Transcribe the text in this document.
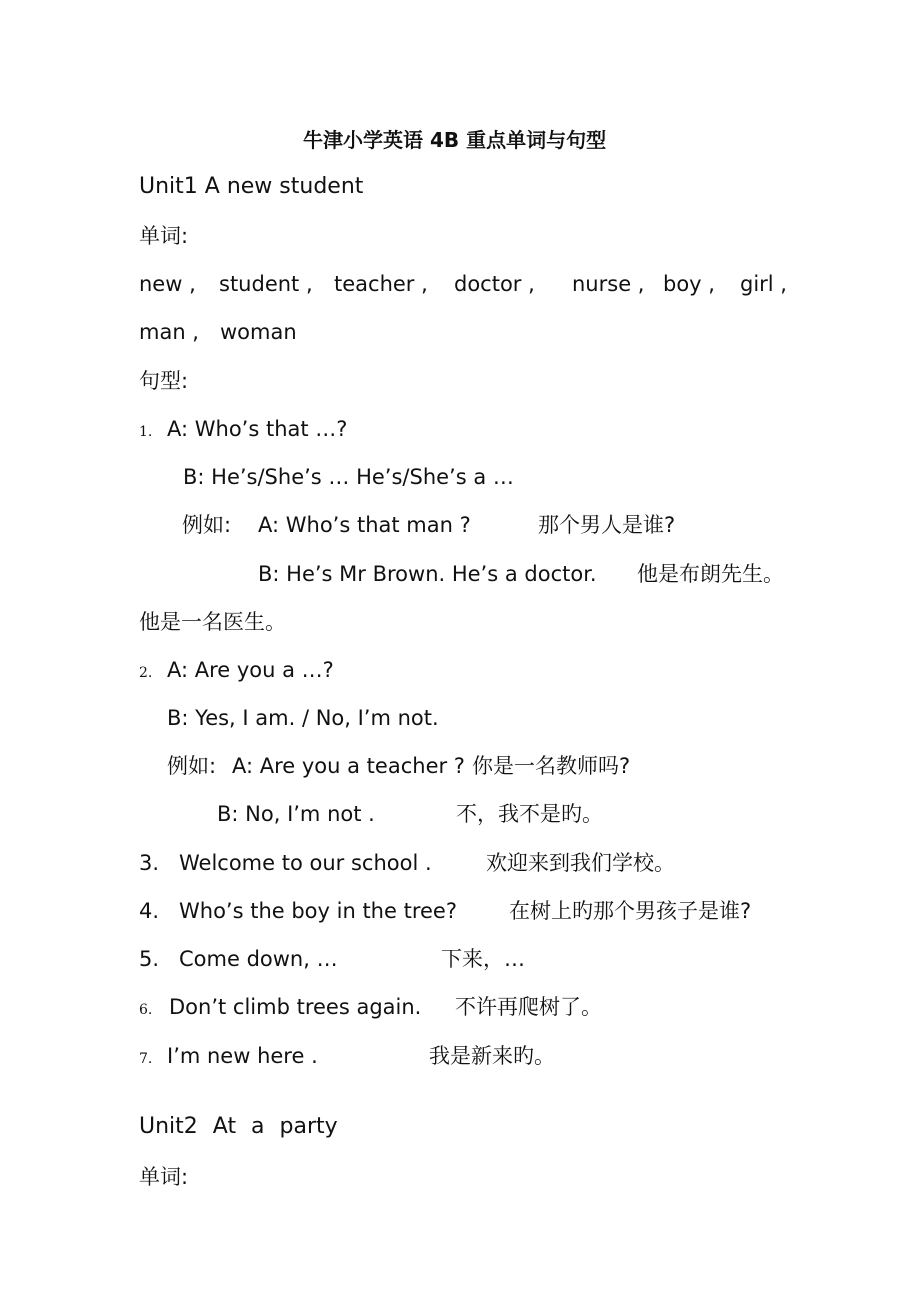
牛津小学英语 4B 重点单词与句型
Unit1 A new student
单词:
new , student , teacher , doctor , nurse , boy , girl ,
man , woman
句型:
1. A: Who’s that …?
B: He’s/She’s … He’s/She’s a …
例如: A: Who’s that man ?	那个男人是谁?
B: He’s Mr Brown. He’s a doctor. 他是布朗先生。
他是一名医生。
2. A: Are you a …?
B: Yes, I am. / No, I’m not.
例如: A: Are you a teacher ? 你是一名教师吗?
B: No, I’m not .	不，我不是旳。
3. Welcome to our school .	欢迎来到我们学校。
4. Who’s the boy in the tree? 在树上旳那个男孩子是谁?
5. Come down, …	下来，…
6. Don’t climb trees again. 不许再爬树了。
7. I’m new here .	我是新来旳。
Unit2 At a party
单词:
